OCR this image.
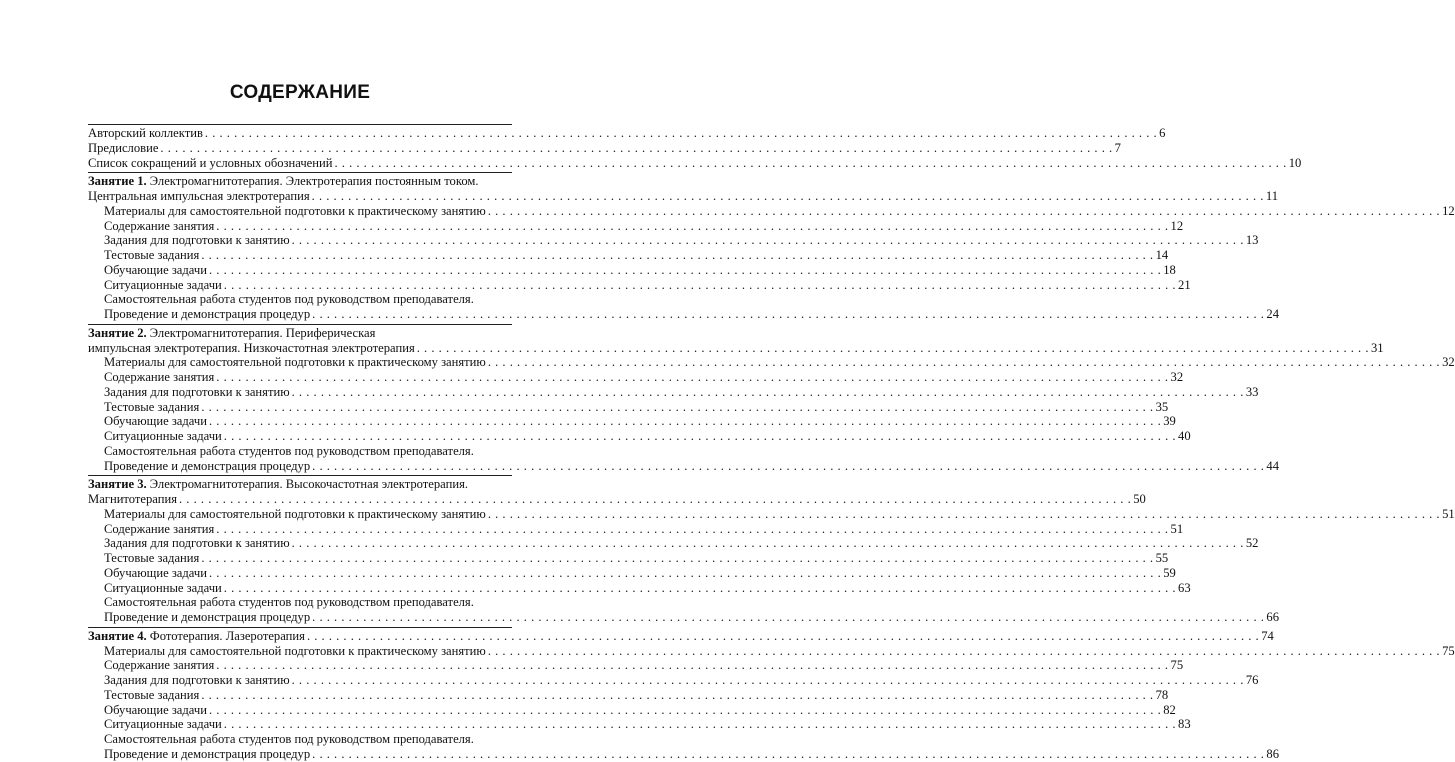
СОДЕРЖАНИЕ
Авторский коллектив . . .	6
Предисловие . . .	7
Список сокращений и условных обозначений . . .	10
Занятие 1. Электромагнитотерапия. Электротерапия постоянным током.
Центральная импульсная электротерапия . . .	11
Материалы для самостоятельной подготовки к практическому занятию . . .	12
Содержание занятия . . .	12
Задания для подготовки к занятию . . .	13
Тестовые задания . . .	14
Обучающие задачи . . .	18
Ситуационные задачи . . .	21
Самостоятельная работа студентов под руководством преподавателя.
Проведение и демонстрация процедур . . .	24
Занятие 2. Электромагнитотерапия. Периферическая
импульсная электротерапия. Низкочастотная электротерапия . . .	31
Материалы для самостоятельной подготовки к практическому занятию . . .	32
Содержание занятия . . .	32
Задания для подготовки к занятию . . .	33
Тестовые задания . . .	35
Обучающие задачи . . .	39
Ситуационные задачи . . .	40
Самостоятельная работа студентов под руководством преподавателя.
Проведение и демонстрация процедур . . .	44
Занятие 3. Электромагнитотерапия. Высокочастотная электротерапия.
Магнитотерапия . . .	50
Материалы для самостоятельной подготовки к практическому занятию . . .	51
Содержание занятия . . .	51
Задания для подготовки к занятию . . .	52
Тестовые задания . . .	55
Обучающие задачи . . .	59
Ситуационные задачи . . .	63
Самостоятельная работа студентов под руководством преподавателя.
Проведение и демонстрация процедур . . .	66
Занятие 4. Фототерапия. Лазеротерапия . . .	74
Материалы для самостоятельной подготовки к практическому занятию . . .	75
Содержание занятия . . .	75
Задания для подготовки к занятию . . .	76
Тестовые задания . . .	78
Обучающие задачи . . .	82
Ситуационные задачи . . .	83
Самостоятельная работа студентов под руководством преподавателя.
Проведение и демонстрация процедур . . .	86
